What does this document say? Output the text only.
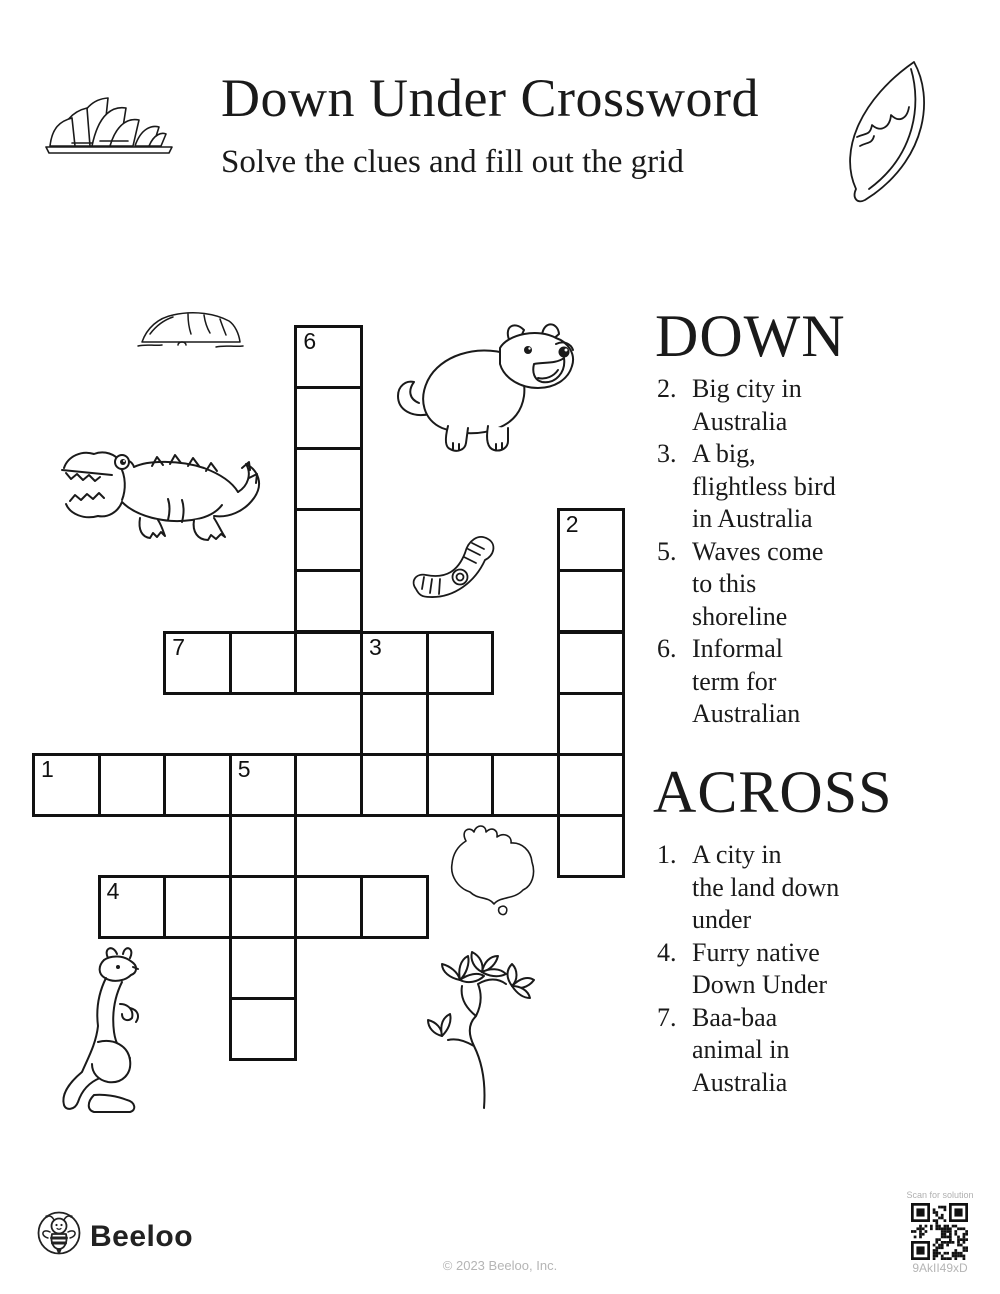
Down Under Crossword
Solve the clues and fill out the grid
6
2
7	3
1	5
4
DOWN
2. Big city in
Australia
3. A big,
flightless bird
in Australia
5. Waves come
to this
shoreline
6. Informal
term for
Australian
ACROSS
1. A city in
the land down
under
4. Furry native
Down Under
7. Baa-baa
animal in
Australia
Beeloo
© 2023 Beeloo, Inc.
Scan for solution
9AkII49xD
